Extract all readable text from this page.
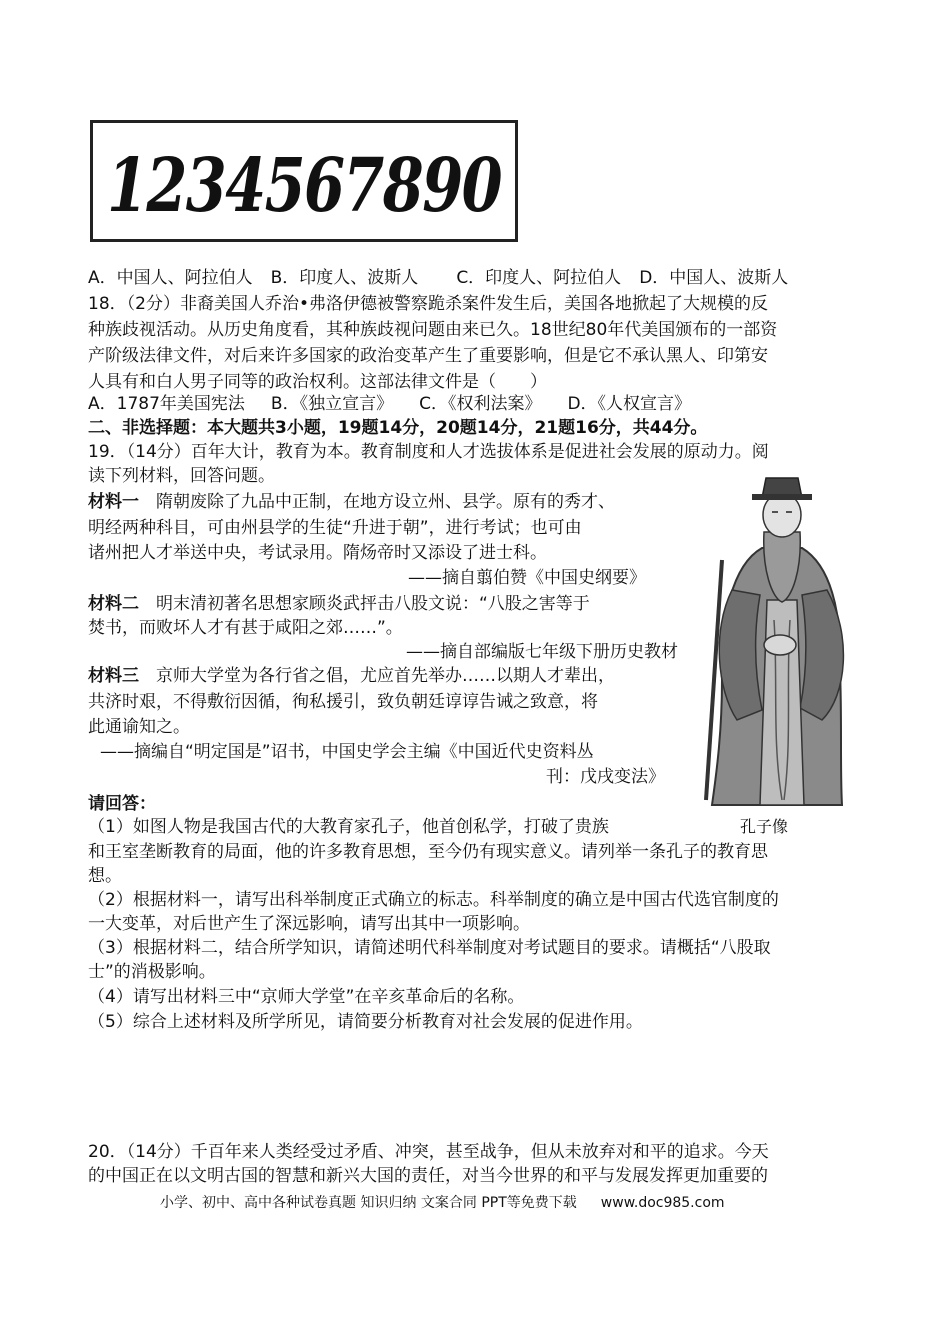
1234567890
A．中国人、阿拉伯人 B．印度人、波斯人 C．印度人、阿拉伯人 D．中国人、波斯人
18．（2分）非裔美国人乔治•弗洛伊德被警察跪杀案件发生后，美国各地掀起了大规模的反
种族歧视活动。从历史角度看，其种族歧视问题由来已久。18世纪80年代美国颁布的一部资
产阶级法律文件，对后来许多国家的政治变革产生了重要影响，但是它不承认黑人、印第安
人具有和白人男子同等的政治权利。这部法律文件是（　　）
A．1787年美国宪法 B．《独立宣言》 C．《权利法案》 D．《人权宣言》
二、非选择题：本大题共3小题，19题14分，20题14分，21题16分，共44分。
19．（14分）百年大计，教育为本。教育制度和人才选拔体系是促进社会发展的原动力。阅
读下列材料，回答问题。
材料一　隋朝废除了九品中正制，在地方设立州、县学。原有的秀才、
明经两种科目，可由州县学的生徒“升进于朝”，进行考试；也可由
诸州把人才举送中央，考试录用。隋炀帝时又添设了进士科。
——摘自翦伯赞《中国史纲要》
材料二　明末清初著名思想家顾炎武抨击八股文说：“八股之害等于
焚书，而败坏人才有甚于咸阳之郊……”。
——摘自部编版七年级下册历史教材
材料三　京师大学堂为各行省之倡，尤应首先举办……以期人才辈出，
共济时艰，不得敷衍因循，徇私援引，致负朝廷谆谆告诫之致意，将
此通谕知之。
——摘编自“明定国是”诏书，中国史学会主编《中国近代史资料丛
刊：戊戌变法》
请回答：
（1）如图人物是我国古代的大教育家孔子，他首创私学，打破了贵族
和王室垄断教育的局面，他的许多教育思想，至今仍有现实意义。请列举一条孔子的教育思
想。
（2）根据材料一，请写出科举制度正式确立的标志。科举制度的确立是中国古代选官制度的
一大变革，对后世产生了深远影响，请写出其中一项影响。
（3）根据材料二，结合所学知识，请简述明代科举制度对考试题目的要求。请概括“八股取
士”的消极影响。
（4）请写出材料三中“京师大学堂”在辛亥革命后的名称。
（5）综合上述材料及所学所见，请简要分析教育对社会发展的促进作用。
孔子像
20．（14分）千百年来人类经受过矛盾、冲突，甚至战争，但从未放弃对和平的追求。今天
的中国正在以文明古国的智慧和新兴大国的责任，对当今世界的和平与发展发挥更加重要的
小学、初中、高中各种试卷真题 知识归纳 文案合同 PPT等免费下载 www.doc985.com
